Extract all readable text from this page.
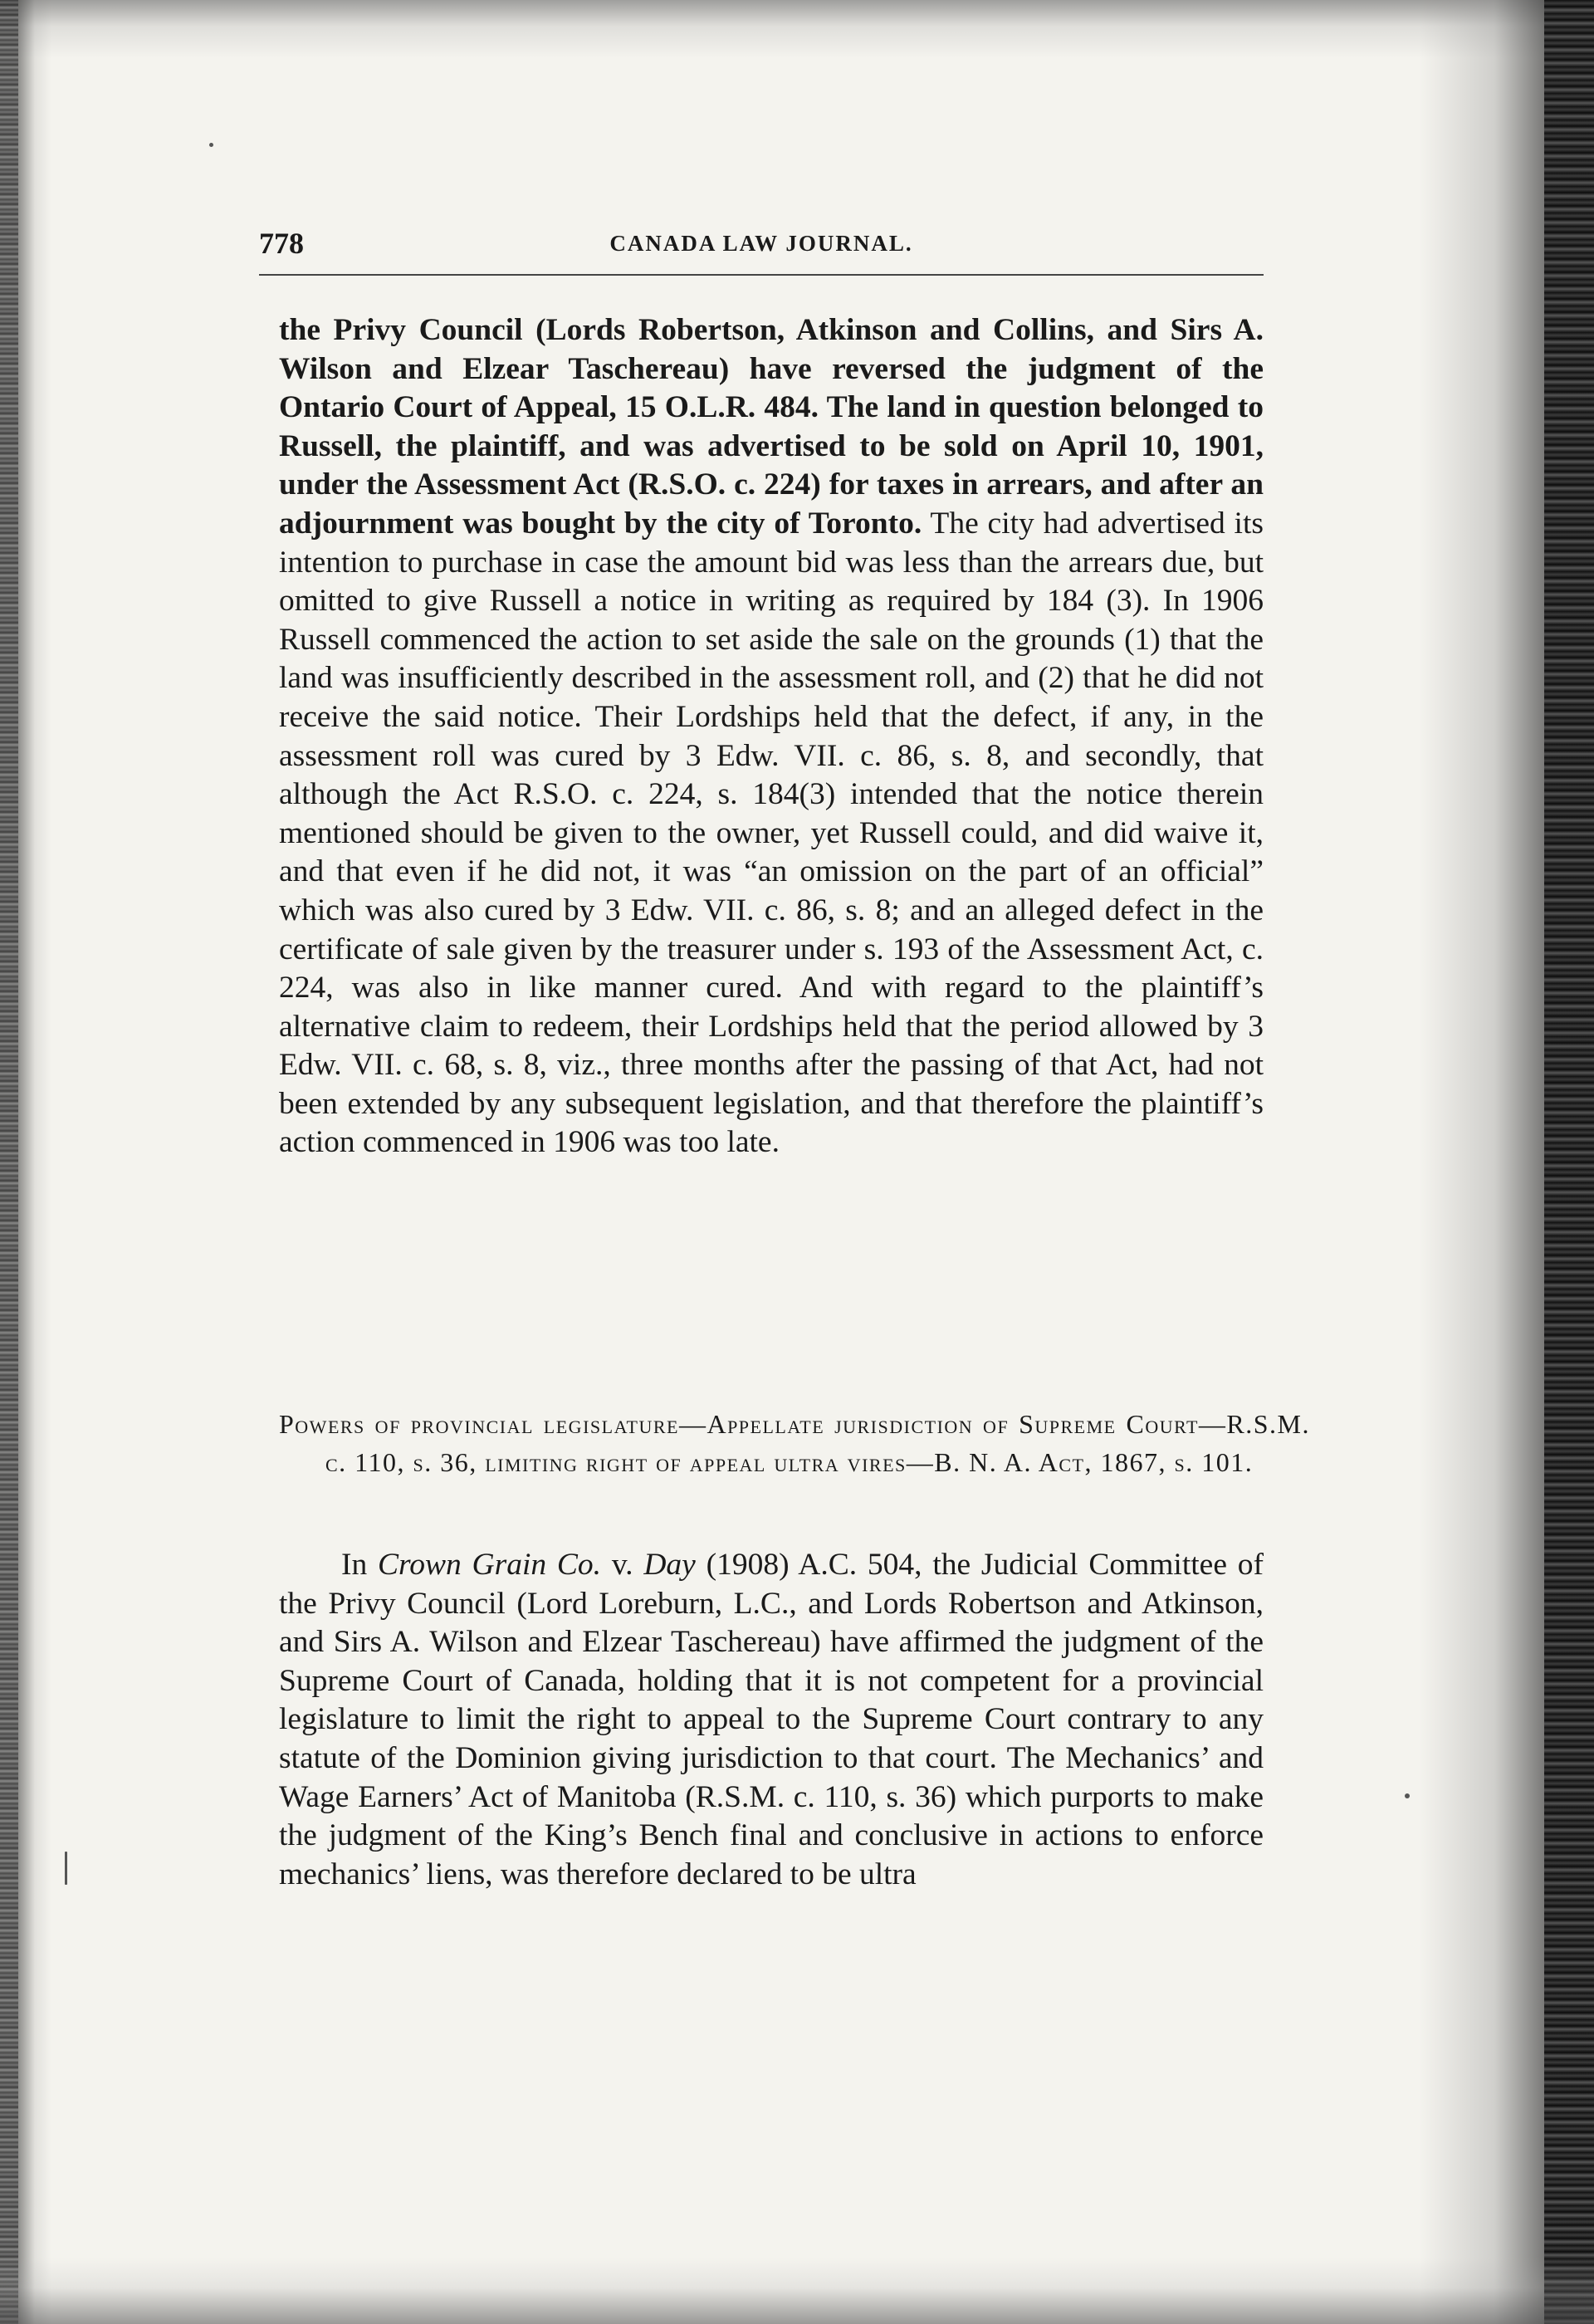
778	CANADA LAW JOURNAL.
the Privy Council (Lords Robertson, Atkinson and Collins, and Sirs A. Wilson and Elzear Taschereau) have reversed the judgment of the Ontario Court of Appeal, 15 O.L.R. 484. The land in question belonged to Russell, the plaintiff, and was advertised to be sold on April 10, 1901, under the Assessment Act (R.S.O. c. 224) for taxes in arrears, and after an adjournment was bought by the city of Toronto. The city had advertised its intention to purchase in case the amount bid was less than the arrears due, but omitted to give Russell a notice in writing as required by 184 (3). In 1906 Russell commenced the action to set aside the sale on the grounds (1) that the land was insufficiently described in the assessment roll, and (2) that he did not receive the said notice. Their Lordships held that the defect, if any, in the assessment roll was cured by 3 Edw. VII. c. 86, s. 8, and secondly, that although the Act R.S.O. c. 224, s. 184(3) intended that the notice therein mentioned should be given to the owner, yet Russell could, and did waive it, and that even if he did not, it was “an omission on the part of an official” which was also cured by 3 Edw. VII. c. 86, s. 8; and an alleged defect in the certificate of sale given by the treasurer under s. 193 of the Assessment Act, c. 224, was also in like manner cured. And with regard to the plaintiff’s alternative claim to redeem, their Lordships held that the period allowed by 3 Edw. VII. c. 68, s. 8, viz., three months after the passing of that Act, had not been extended by any subsequent legislation, and that therefore the plaintiff’s action commenced in 1906 was too late.
Powers of provincial legislature—Appellate jurisdiction of Supreme Court—R.S.M. c. 110, s. 36, limiting right of appeal ultra vires—B. N. A. Act, 1867, s. 101.
In Crown Grain Co. v. Day (1908) A.C. 504, the Judicial Committee of the Privy Council (Lord Loreburn, L.C., and Lords Robertson and Atkinson, and Sirs A. Wilson and Elzear Taschereau) have affirmed the judgment of the Supreme Court of Canada, holding that it is not competent for a provincial legislature to limit the right to appeal to the Supreme Court contrary to any statute of the Dominion giving jurisdiction to that court. The Mechanics’ and Wage Earners’ Act of Manitoba (R.S.M. c. 110, s. 36) which purports to make the judgment of the King’s Bench final and conclusive in actions to enforce mechanics’ liens, was therefore declared to be ultra
